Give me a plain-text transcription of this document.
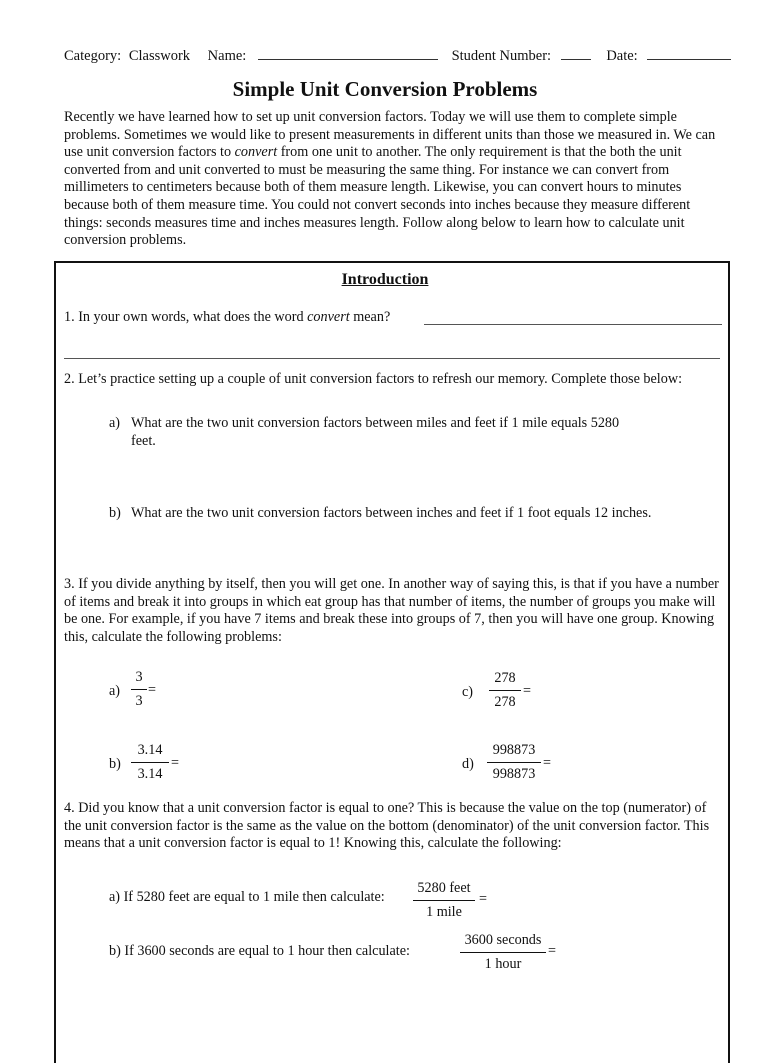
Category: Classwork Name:	Student Number:	Date:
Simple Unit Conversion Problems
Recently we have learned how to set up unit conversion factors. Today we will use them to complete simple problems. Sometimes we would like to present measurements in different units than those we measured in. We can use unit conversion factors to convert from one unit to another. The only requirement is that the both the unit converted from and unit converted to must be measuring the same thing. For instance we can convert from millimeters to centimeters because both of them measure length. Likewise, you can convert hours to minutes because both of them measure time. You could not convert seconds into inches because they measure different things: seconds measures time and inches measures length. Follow along below to learn how to calculate unit conversion problems.
Introduction
1. In your own words, what does the word convert mean?
2. Let’s practice setting up a couple of unit conversion factors to refresh our memory. Complete those below:
a) What are the two unit conversion factors between miles and feet if 1 mile equals 5280 feet.
b) What are the two unit conversion factors between inches and feet if 1 foot equals 12 inches.
3. If you divide anything by itself, then you will get one. In another way of saying this, is that if you have a number of items and break it into groups in which eat group has that number of items, the number of groups you make will be one. For example, if you have 7 items and break these into groups of 7, then you will have one group. Knowing this, calculate the following problems:
$a) \frac{3}{3}$ =
$b) \frac{3.14}{3.14}$ =
$c) \frac{278}{278}$ =
$d) \frac{998873}{998873}$ =
4. Did you know that a unit conversion factor is equal to one? This is because the value on the top (numerator) of the unit conversion factor is the same as the value on the bottom (denominator) of the unit conversion factor. This means that a unit conversion factor is equal to 1! Knowing this, calculate the following:
a) If 5280 feet are equal to 1 mile then calculate:
5280 feet
1 mile
=
b) If 3600 seconds are equal to 1 hour then calculate:
3600 seconds
1 hour
=
